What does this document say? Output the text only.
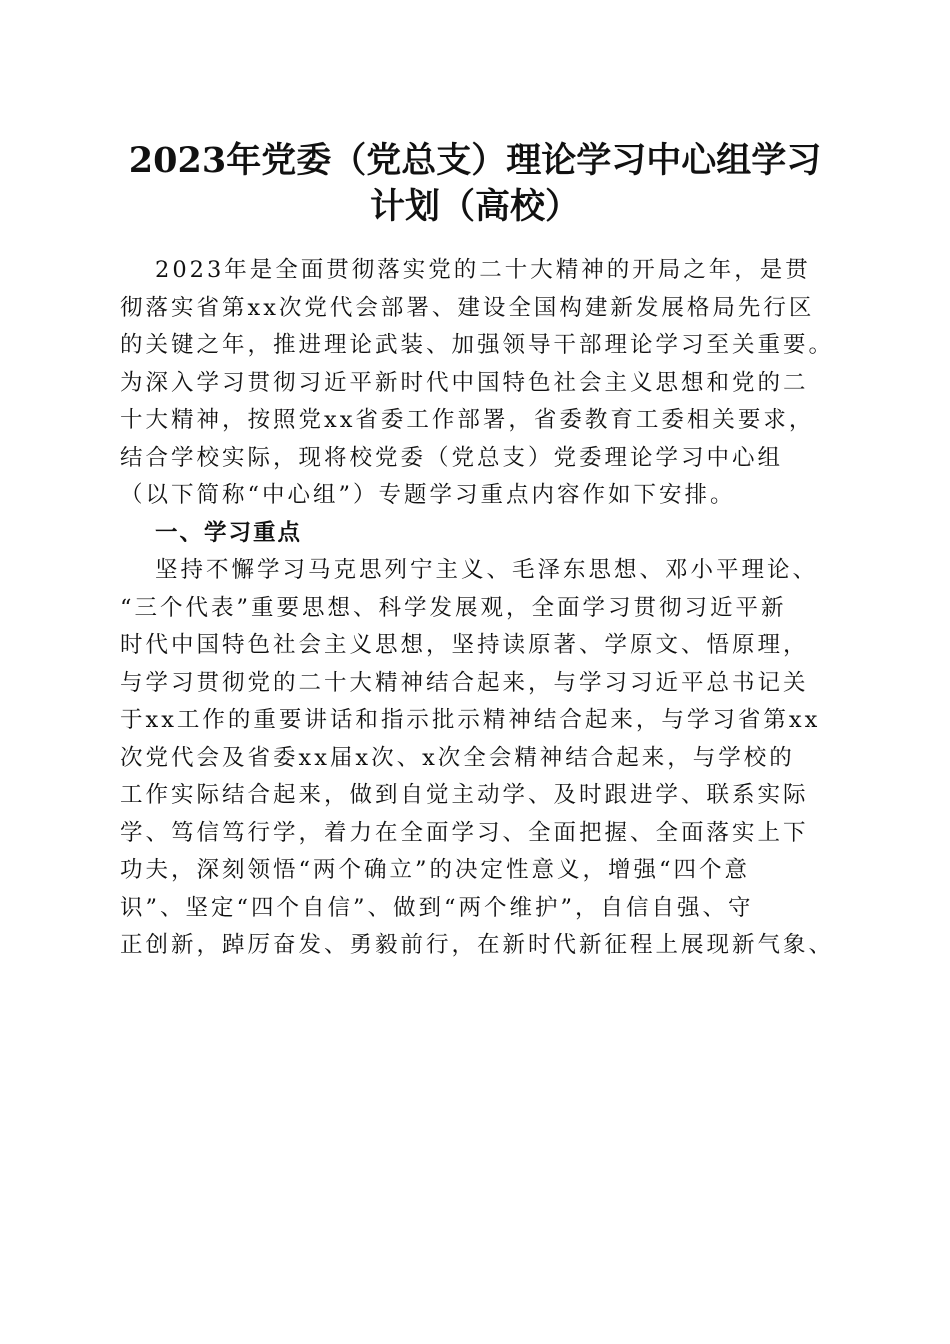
2023年党委（党总支）理论学习中心组学习
计划（高校）
2023年是全面贯彻落实党的二十大精神的开局之年，是贯
彻落实省第xx次党代会部署、建设全国构建新发展格局先行区
的关键之年，推进理论武装、加强领导干部理论学习至关重要。
为深入学习贯彻习近平新时代中国特色社会主义思想和党的二
十大精神，按照党xx省委工作部署，省委教育工委相关要求，
结合学校实际，现将校党委（党总支）党委理论学习中心组
（以下简称“中心组”）专题学习重点内容作如下安排。
一、学习重点
坚持不懈学习马克思列宁主义、毛泽东思想、邓小平理论、
“三个代表”重要思想、科学发展观，全面学习贯彻习近平新
时代中国特色社会主义思想，坚持读原著、学原文、悟原理，
与学习贯彻党的二十大精神结合起来，与学习习近平总书记关
于xx工作的重要讲话和指示批示精神结合起来，与学习省第xx
次党代会及省委xx届x次、x次全会精神结合起来，与学校的
工作实际结合起来，做到自觉主动学、及时跟进学、联系实际
学、笃信笃行学，着力在全面学习、全面把握、全面落实上下
功夫，深刻领悟“两个确立”的决定性意义，增强“四个意
识”、坚定“四个自信”、做到“两个维护”，自信自强、守
正创新，踔厉奋发、勇毅前行，在新时代新征程上展现新气象、
